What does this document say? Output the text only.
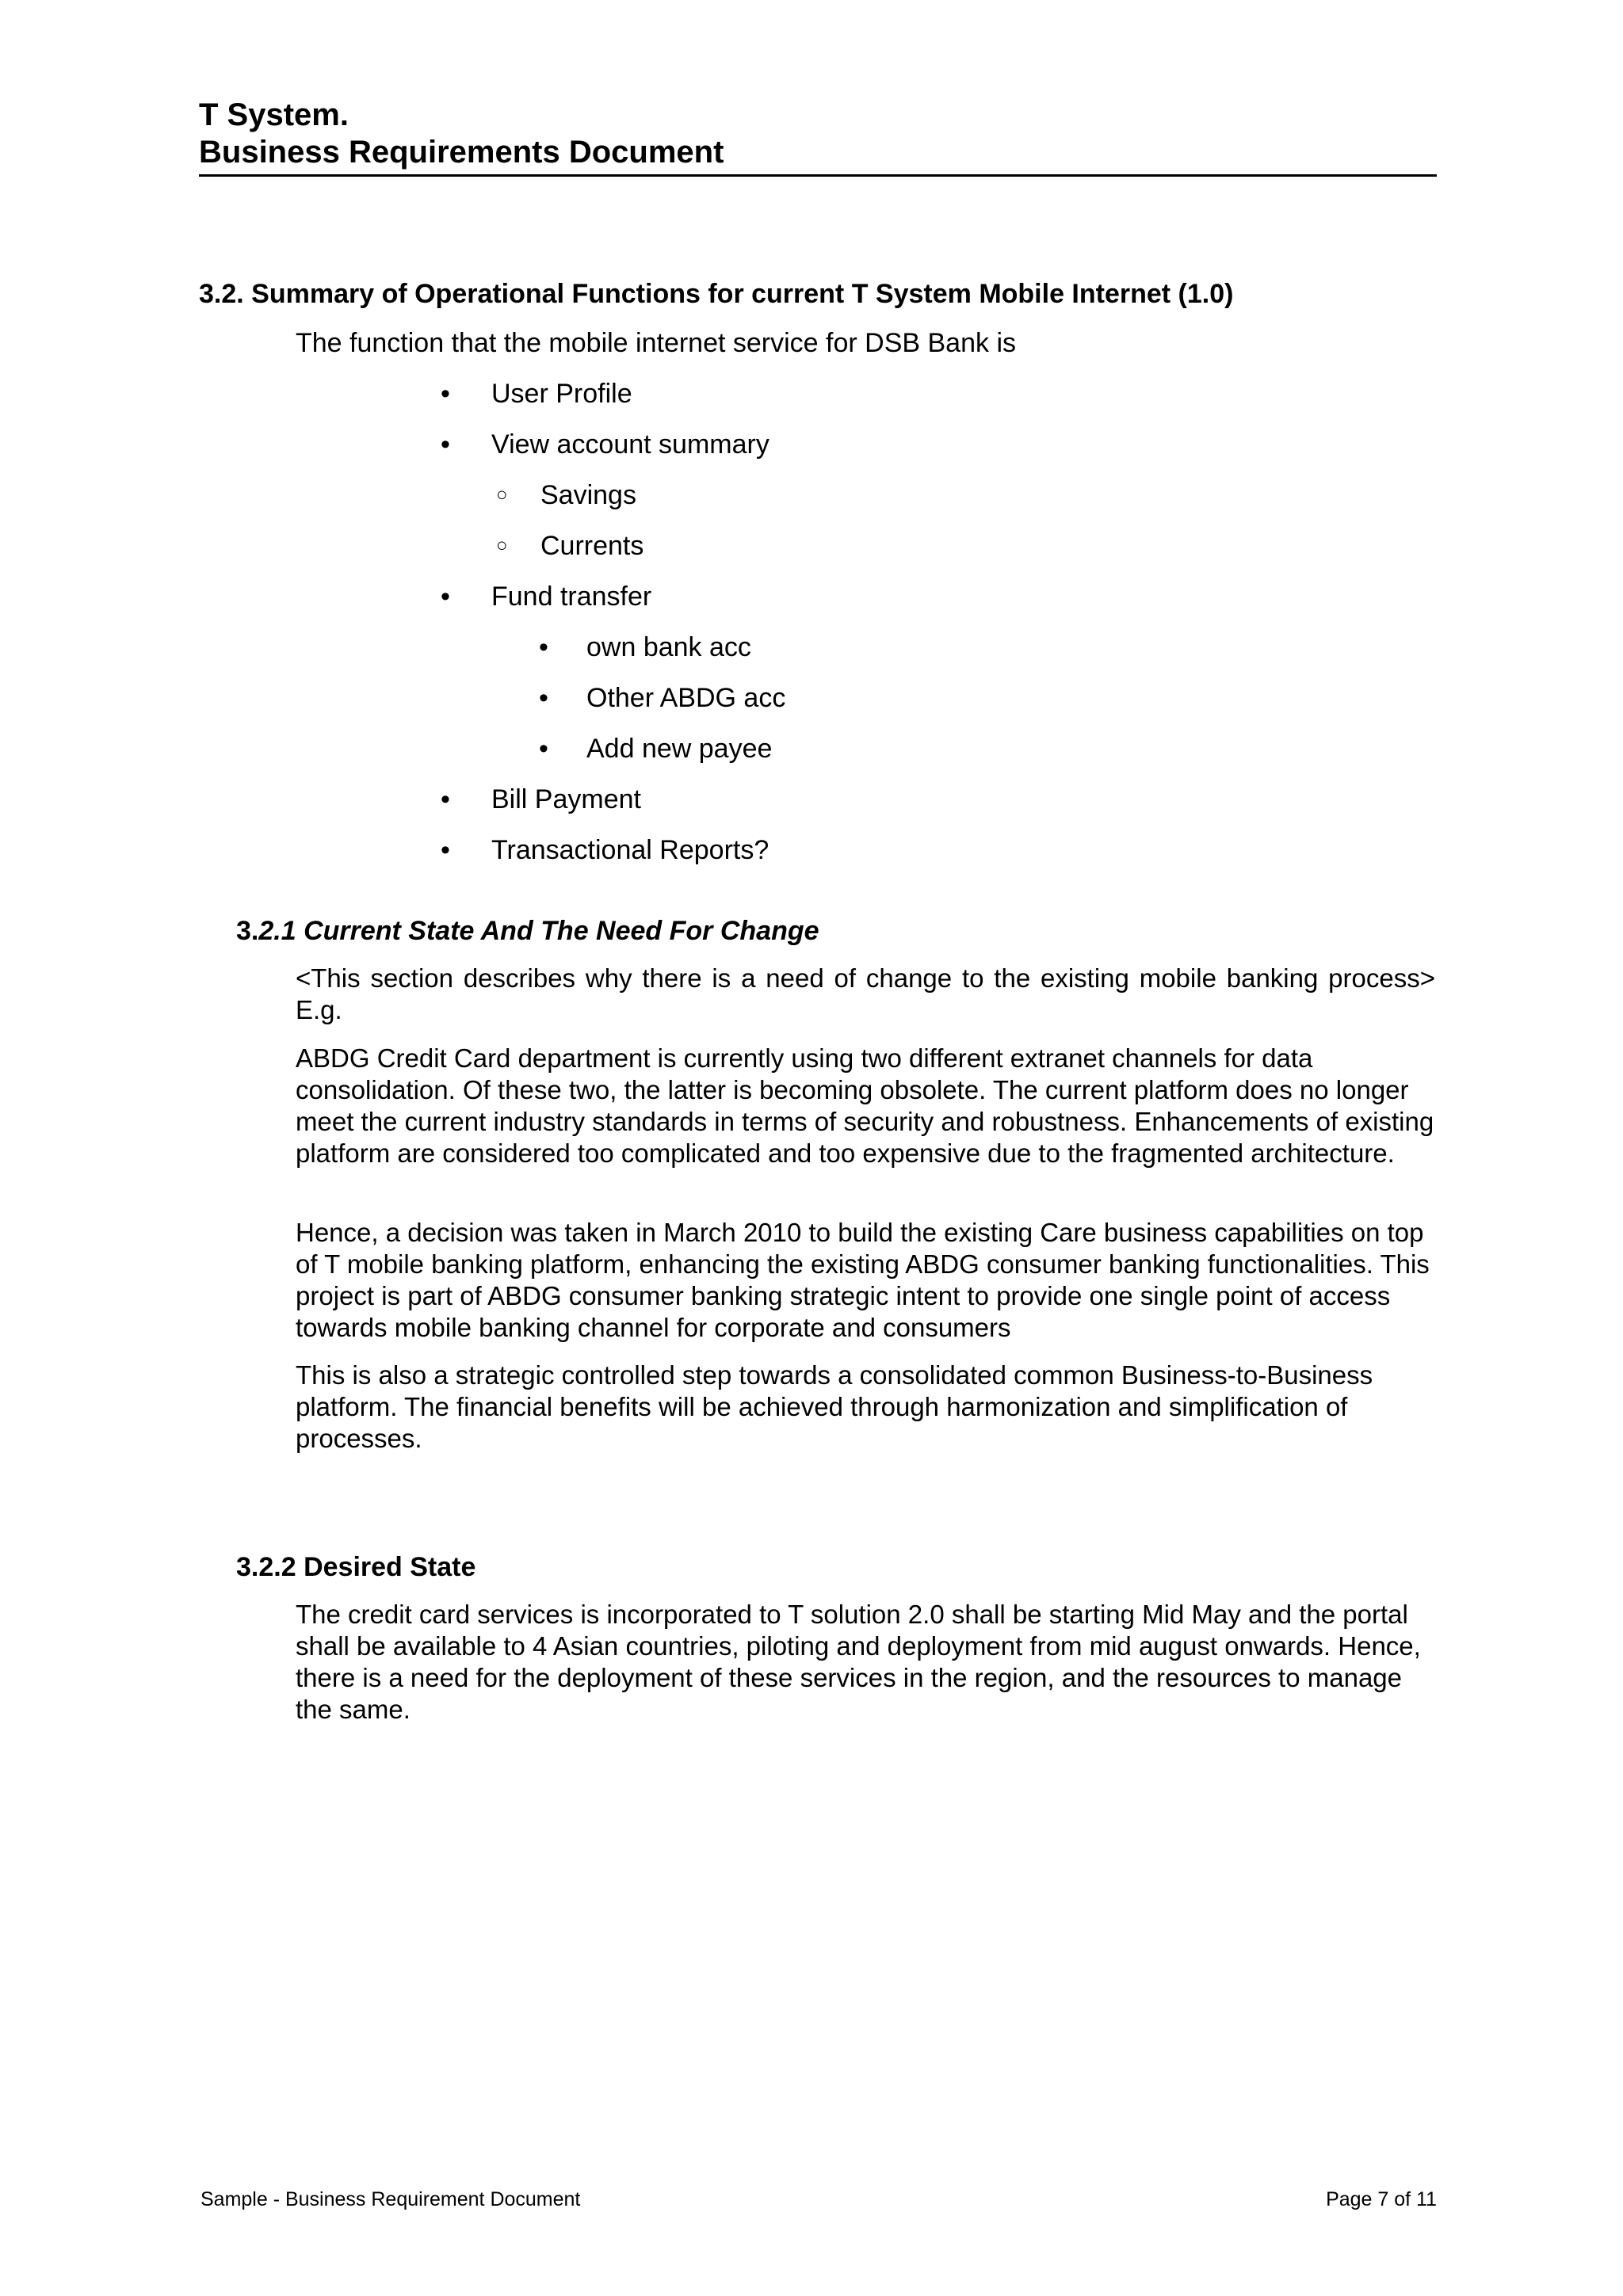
T System.
Business Requirements Document
3.2. Summary of Operational Functions for current T System Mobile Internet (1.0)
The function that the mobile internet service for DSB Bank is
• User Profile
• View account summary
○ Savings
○ Currents
• Fund transfer
• own bank acc
• Other ABDG acc
• Add new payee
• Bill Payment
• Transactional Reports?
3.2.1 Current State And The Need For Change
<This section describes why there is a need of change to the existing mobile banking process> E.g.
ABDG Credit Card department is currently using two different extranet channels for data consolidation. Of these two, the latter is becoming obsolete. The current platform does no longer meet the current industry standards in terms of security and robustness. Enhancements of existing platform are considered too complicated and too expensive due to the fragmented architecture.
Hence, a decision was taken in March 2010 to build the existing Care business capabilities on top of T mobile banking platform, enhancing the existing ABDG consumer banking functionalities. This project is part of ABDG consumer banking strategic intent to provide one single point of access towards mobile banking channel for corporate and consumers
This is also a strategic controlled step towards a consolidated common Business-to-Business platform. The financial benefits will be achieved through harmonization and simplification of processes.
3.2.2 Desired State
The credit card services is incorporated to T solution 2.0 shall be starting Mid May and the portal shall be available to 4 Asian countries, piloting and deployment from mid august onwards. Hence, there is a need for the deployment of these services in the region, and the resources to manage the same.
Sample - Business Requirement Document	Page 7 of 11
